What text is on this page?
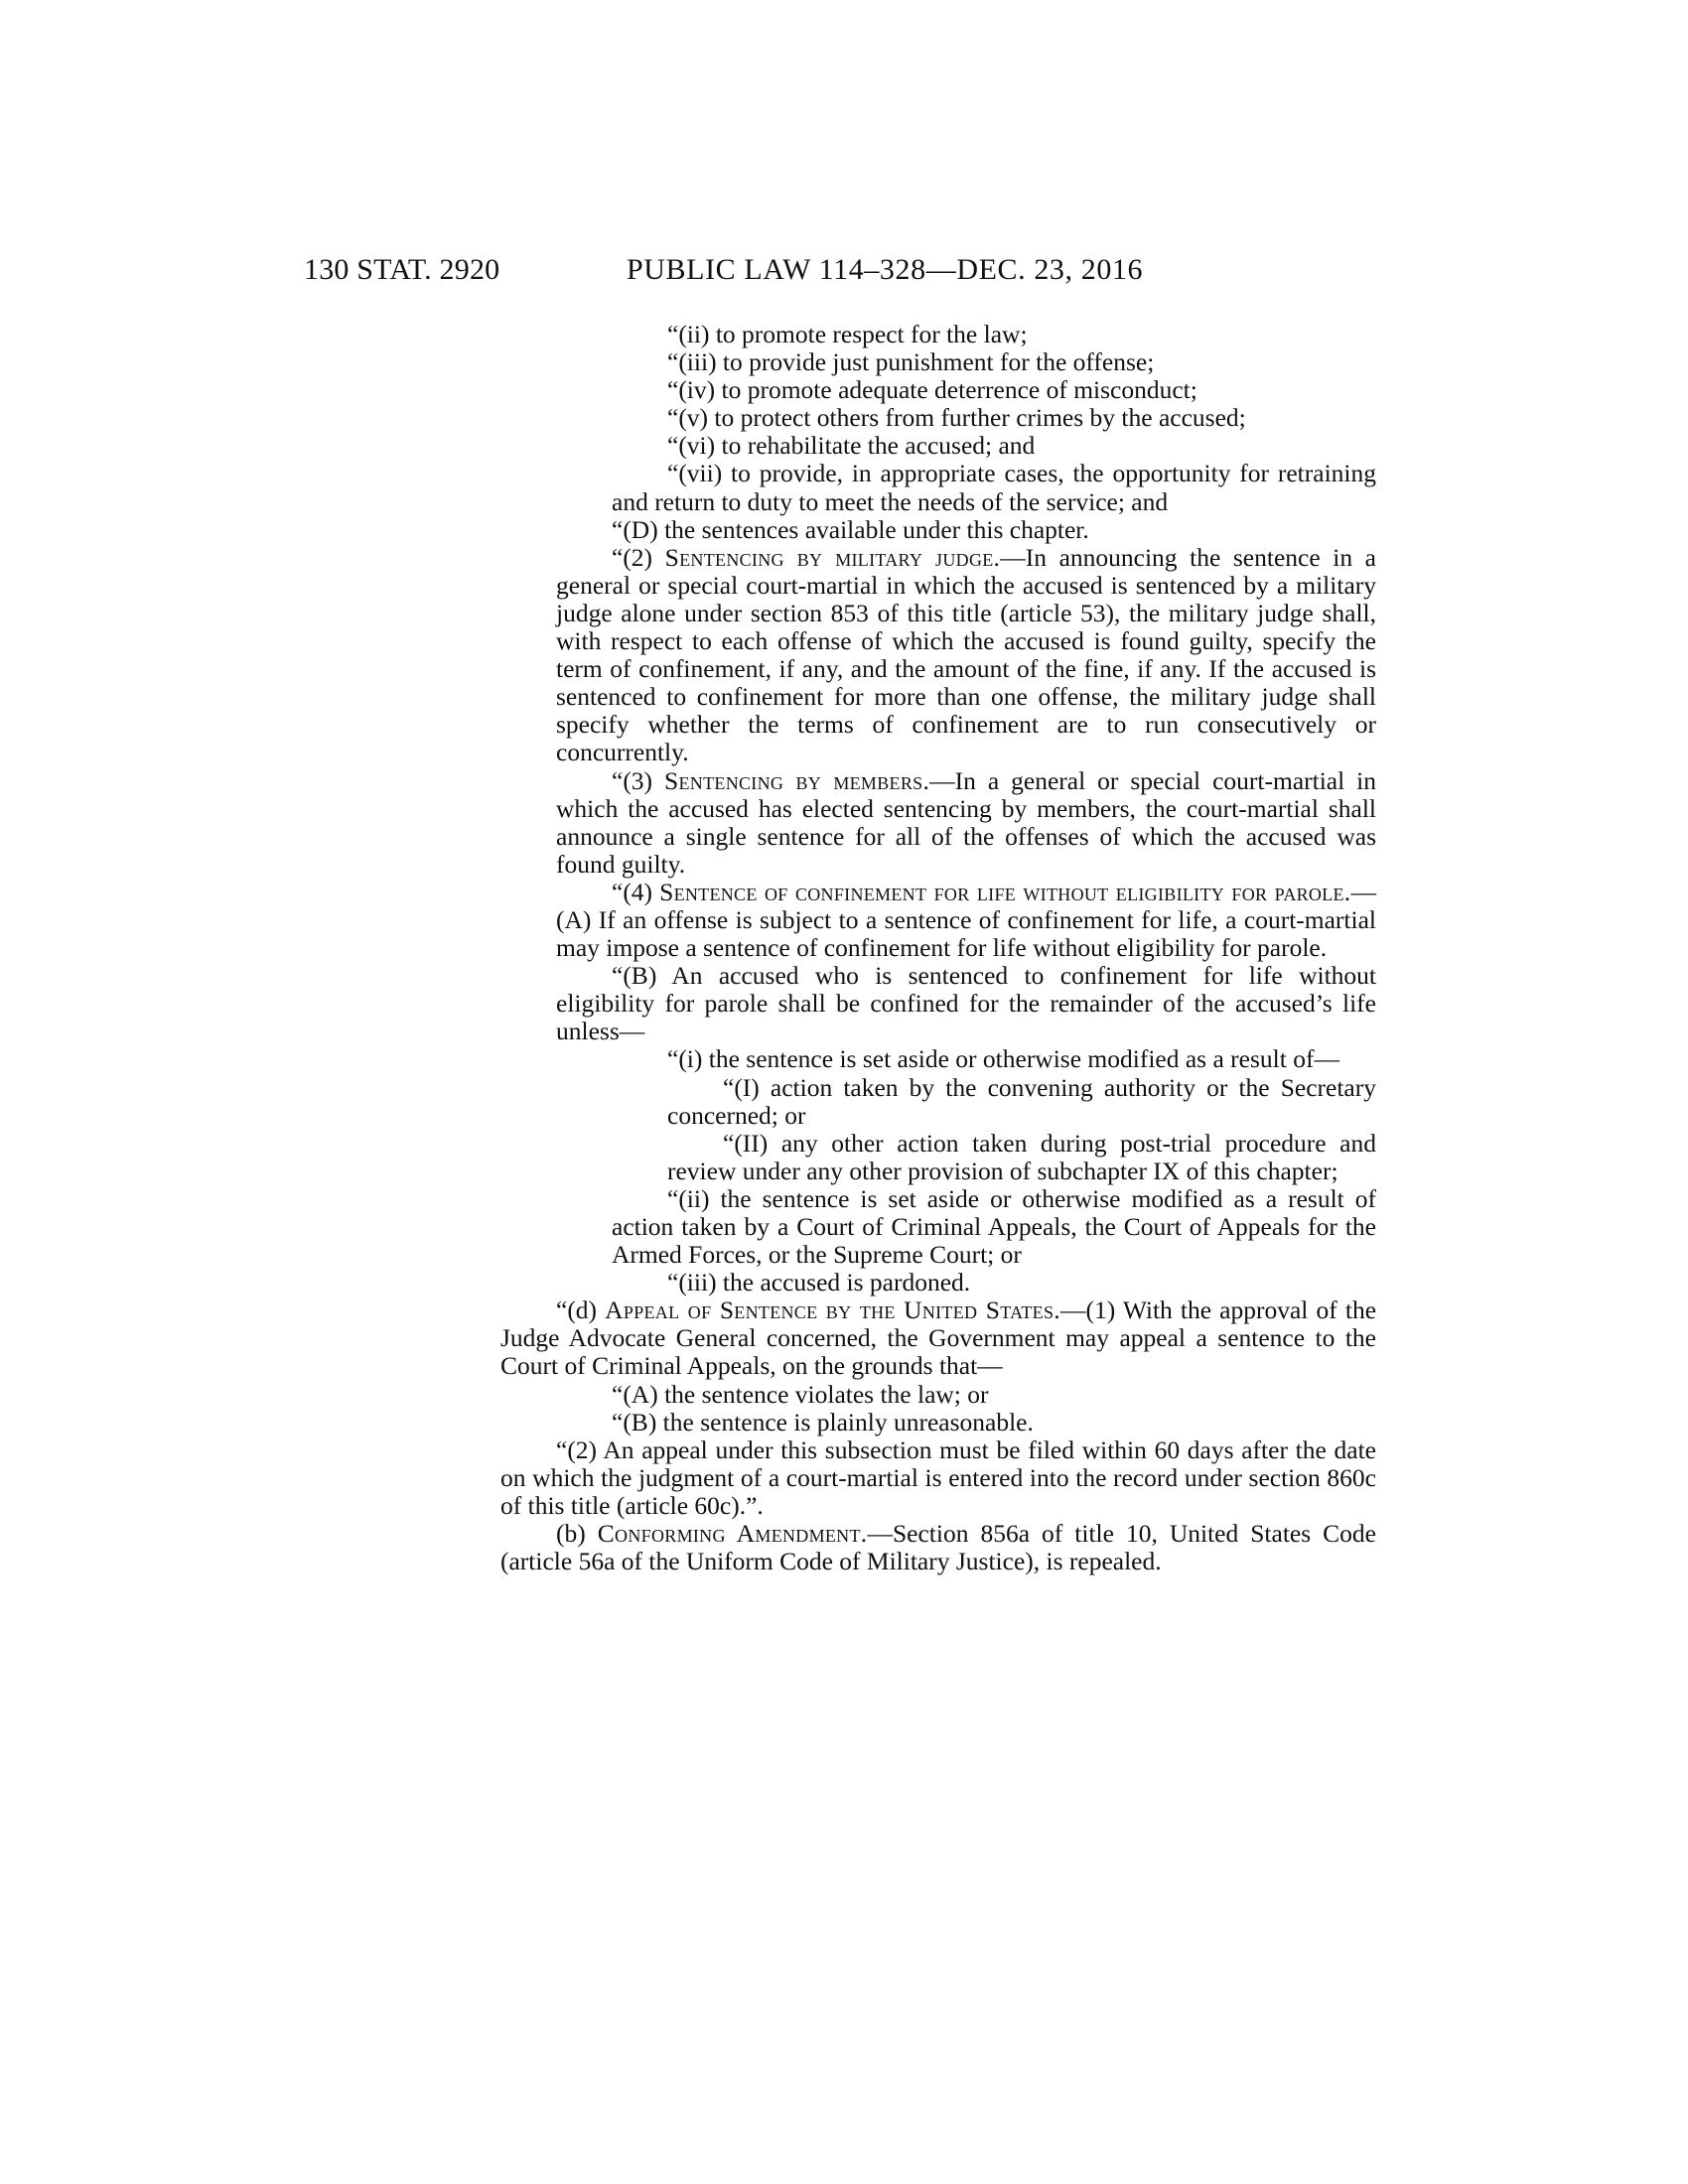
130 STAT. 2920	PUBLIC LAW 114–328—DEC. 23, 2016

“(ii) to promote respect for the law;

“(iii) to provide just punishment for the offense;

“(iv) to promote adequate deterrence of misconduct;

“(v) to protect others from further crimes by the accused;

“(vi) to rehabilitate the accused; and

“(vii) to provide, in appropriate cases, the opportunity for retraining and return to duty to meet the needs of the service; and

“(D) the sentences available under this chapter.

“(2) Sentencing by military judge.—In announcing the sentence in a general or special court-martial in which the accused is sentenced by a military judge alone under section 853 of this title (article 53), the military judge shall, with respect to each offense of which the accused is found guilty, specify the term of confinement, if any, and the amount of the fine, if any. If the accused is sentenced to confinement for more than one offense, the military judge shall specify whether the terms of confinement are to run consecutively or concurrently.

“(3) Sentencing by members.—In a general or special court-martial in which the accused has elected sentencing by members, the court-martial shall announce a single sentence for all of the offenses of which the accused was found guilty.

“(4) Sentence of confinement for life without eligibility for parole.—(A) If an offense is subject to a sentence of confinement for life, a court-martial may impose a sentence of confinement for life without eligibility for parole.

“(B) An accused who is sentenced to confinement for life without eligibility for parole shall be confined for the remainder of the accused’s life unless—

“(i) the sentence is set aside or otherwise modified as a result of—

“(I) action taken by the convening authority or the Secretary concerned; or

“(II) any other action taken during post-trial procedure and review under any other provision of subchapter IX of this chapter;

“(ii) the sentence is set aside or otherwise modified as a result of action taken by a Court of Criminal Appeals, the Court of Appeals for the Armed Forces, or the Supreme Court; or

“(iii) the accused is pardoned.

“(d) Appeal of Sentence by the United States.—(1) With the approval of the Judge Advocate General concerned, the Government may appeal a sentence to the Court of Criminal Appeals, on the grounds that—

“(A) the sentence violates the law; or

“(B) the sentence is plainly unreasonable.

“(2) An appeal under this subsection must be filed within 60 days after the date on which the judgment of a court-martial is entered into the record under section 860c of this title (article 60c).”.

(b) Conforming Amendment.—Section 856a of title 10, United States Code (article 56a of the Uniform Code of Military Justice), is repealed.
